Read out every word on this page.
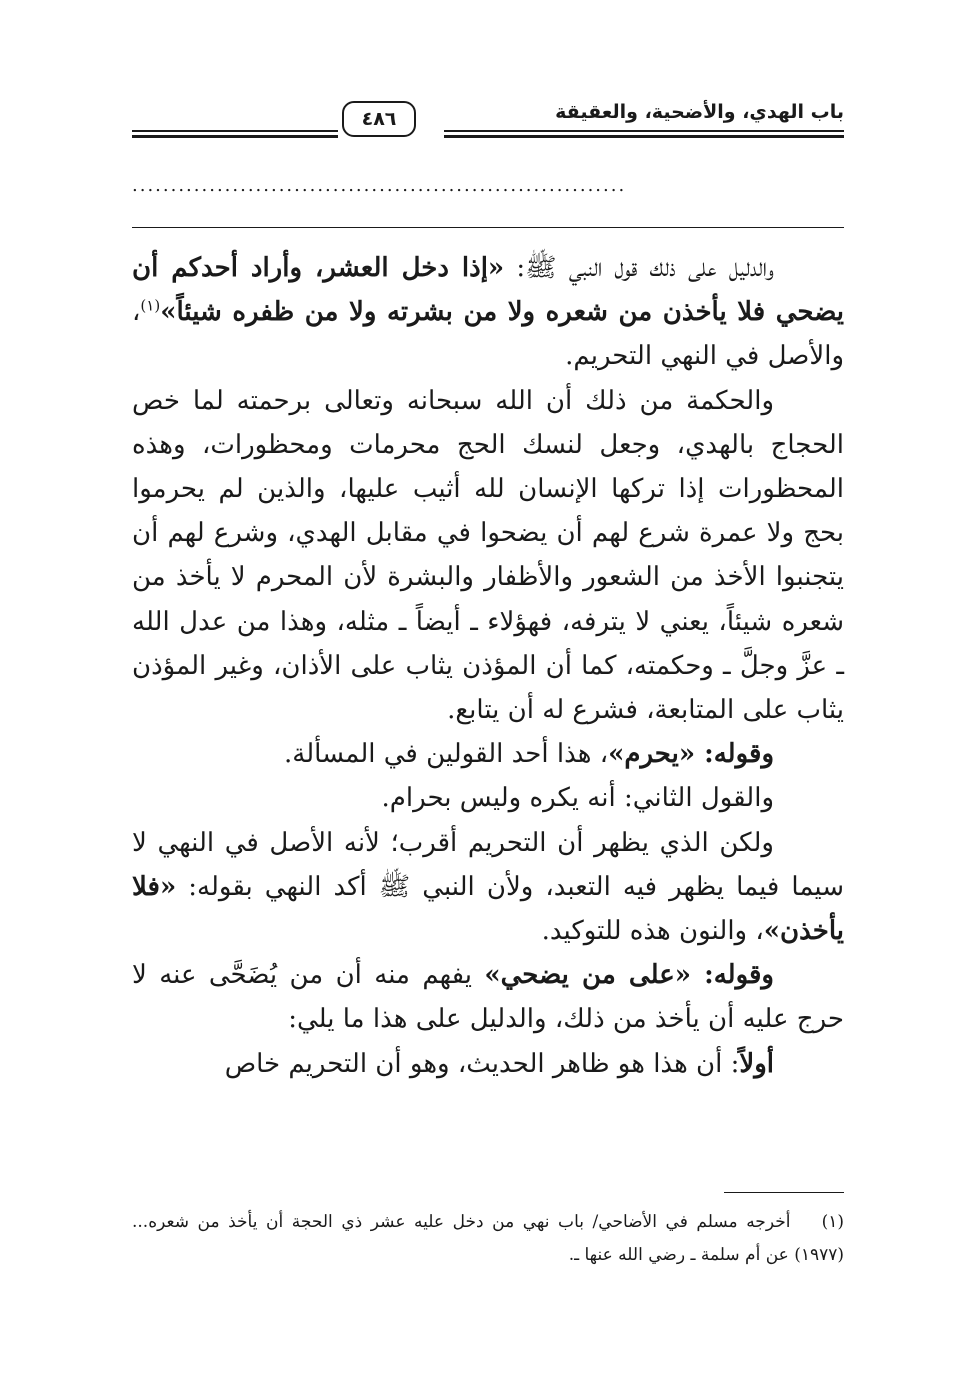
باب الهدي، والأضحية، والعقيقة
٤٨٦
................................................................

والدليل على ذلك قول النبي ﷺ: «إذا دخل العشر، وأراد أحدكم أن يضحي فلا يأخذن من شعره ولا من بشرته ولا من ظفره شيئاً»$^{(١)}$، والأصل في النهي التحريم.

والحكمة من ذلك أن الله سبحانه وتعالى برحمته لما خص الحجاج بالهدي، وجعل لنسك الحج محرمات ومحظورات، وهذه المحظورات إذا تركها الإنسان لله أثيب عليها، والذين لم يحرموا بحج ولا عمرة شرع لهم أن يضحوا في مقابل الهدي، وشرع لهم أن يتجنبوا الأخذ من الشعور والأظفار والبشرة لأن المحرم لا يأخذ من شعره شيئاً، يعني لا يترفه، فهؤلاء ـ أيضاً ـ مثله، وهذا من عدل الله ـ عزَّ وجلَّ ـ وحكمته، كما أن المؤذن يثاب على الأذان، وغير المؤذن يثاب على المتابعة، فشرع له أن يتابع.

وقوله: «يحرم»، هذا أحد القولين في المسألة.

والقول الثاني: أنه يكره وليس بحرام.

ولكن الذي يظهر أن التحريم أقرب؛ لأنه الأصل في النهي لا سيما فيما يظهر فيه التعبد، ولأن النبي ﷺ أكد النهي بقوله: «فلا يأخذن»، والنون هذه للتوكيد.

وقوله: «على من يضحي» يفهم منه أن من يُضَحَّى عنه لا حرج عليه أن يأخذ من ذلك، والدليل على هذا ما يلي:

أولاً: أن هذا هو ظاهر الحديث، وهو أن التحريم خاص

(١) أخرجه مسلم في الأضاحي/ باب نهي من دخل عليه عشر ذي الحجة أن يأخذ من شعره... (١٩٧٧) عن أم سلمة ـ رضي الله عنها ـ.
